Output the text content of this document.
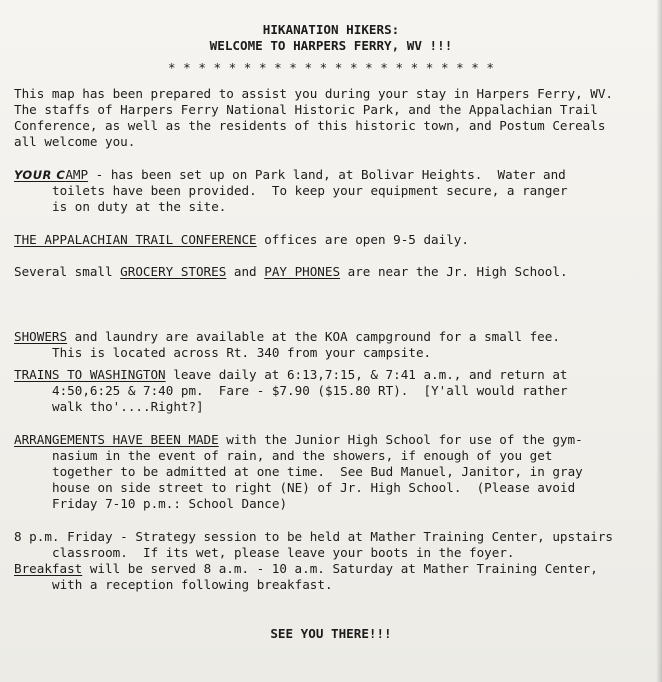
HIKANATION HIKERS:
WELCOME TO HARPERS FERRY, WV !!!
* * * * * * * * * * * * * * * * * * * * * *
This map has been prepared to assist you during your stay in Harpers Ferry, WV.
The staffs of Harpers Ferry National Historic Park, and the Appalachian Trail
Conference, as well as the residents of this historic town, and Postum Cereals
all welcome you.
YOUR CAMP - has been set up on Park land, at Bolivar Heights.  Water and
toilets have been provided.  To keep your equipment secure, a ranger
is on duty at the site.
THE APPALACHIAN TRAIL CONFERENCE offices are open 9-5 daily.
Several small GROCERY STORES and PAY PHONES are near the Jr. High School.
SHOWERS and laundry are available at the KOA campground for a small fee.
This is located across Rt. 340 from your campsite.
TRAINS TO WASHINGTON leave daily at 6:13,7:15, & 7:41 a.m., and return at
4:50,6:25 & 7:40 pm.  Fare - $7.90 ($15.80 RT).  [Y'all would rather
walk tho'....Right?]
ARRANGEMENTS HAVE BEEN MADE with the Junior High School for use of the gym-
nasium in the event of rain, and the showers, if enough of you get
together to be admitted at one time.  See Bud Manuel, Janitor, in gray
house on side street to right (NE) of Jr. High School.  (Please avoid
Friday 7-10 p.m.: School Dance)
8 p.m. Friday - Strategy session to be held at Mather Training Center, upstairs
classroom.  If its wet, please leave your boots in the foyer.
Breakfast will be served 8 a.m. - 10 a.m. Saturday at Mather Training Center,
with a reception following breakfast.
SEE YOU THERE!!!
